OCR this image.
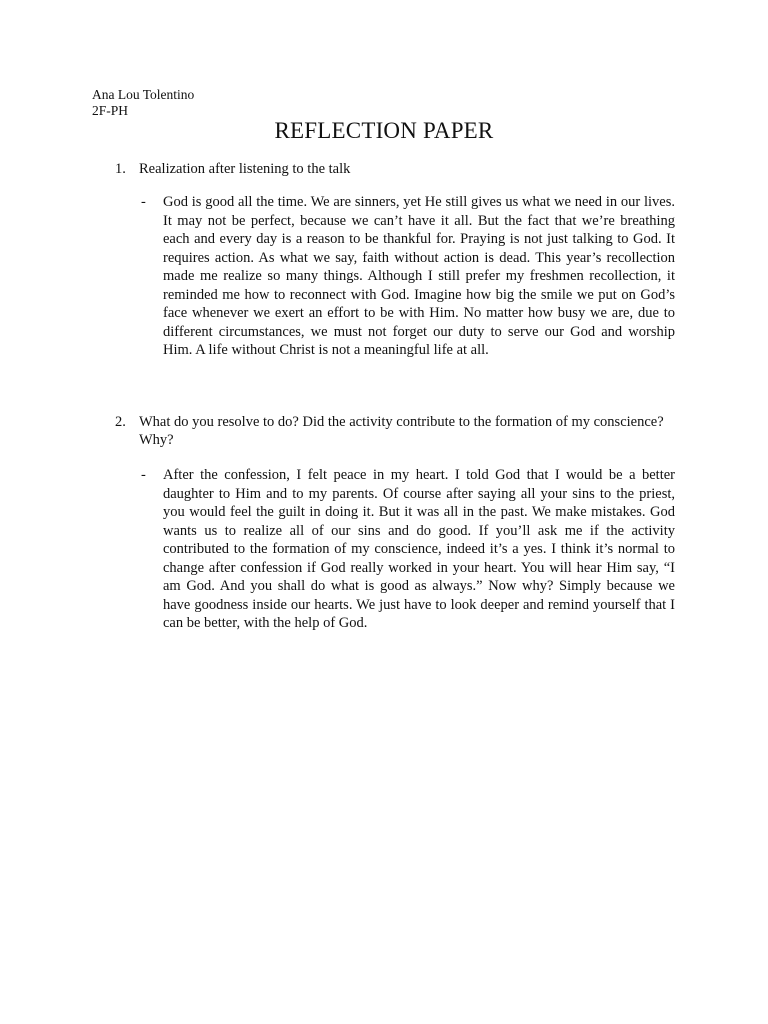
Ana Lou Tolentino
2F-PH
REFLECTION PAPER
1. Realization after listening to the talk
- God is good all the time. We are sinners, yet He still gives us what we need in our lives. It may not be perfect, because we can’t have it all. But the fact that we’re breathing each and every day is a reason to be thankful for. Praying is not just talking to God. It requires action. As what we say, faith without action is dead. This year’s recollection made me realize so many things. Although I still prefer my freshmen recollection, it reminded me how to reconnect with God. Imagine how big the smile we put on God’s face whenever we exert an effort to be with Him. No matter how busy we are, due to different circumstances, we must not forget our duty to serve our God and worship Him. A life without Christ is not a meaningful life at all.
2. What do you resolve to do? Did the activity contribute to the formation of my conscience? Why?
- After the confession, I felt peace in my heart. I told God that I would be a better daughter to Him and to my parents. Of course after saying all your sins to the priest, you would feel the guilt in doing it. But it was all in the past. We make mistakes. God wants us to realize all of our sins and do good. If you’ll ask me if the activity contributed to the formation of my conscience, indeed it’s a yes. I think it’s normal to change after confession if God really worked in your heart. You will hear Him say, “I am God. And you shall do what is good as always.” Now why? Simply because we have goodness inside our hearts. We just have to look deeper and remind yourself that I can be better, with the help of God.
